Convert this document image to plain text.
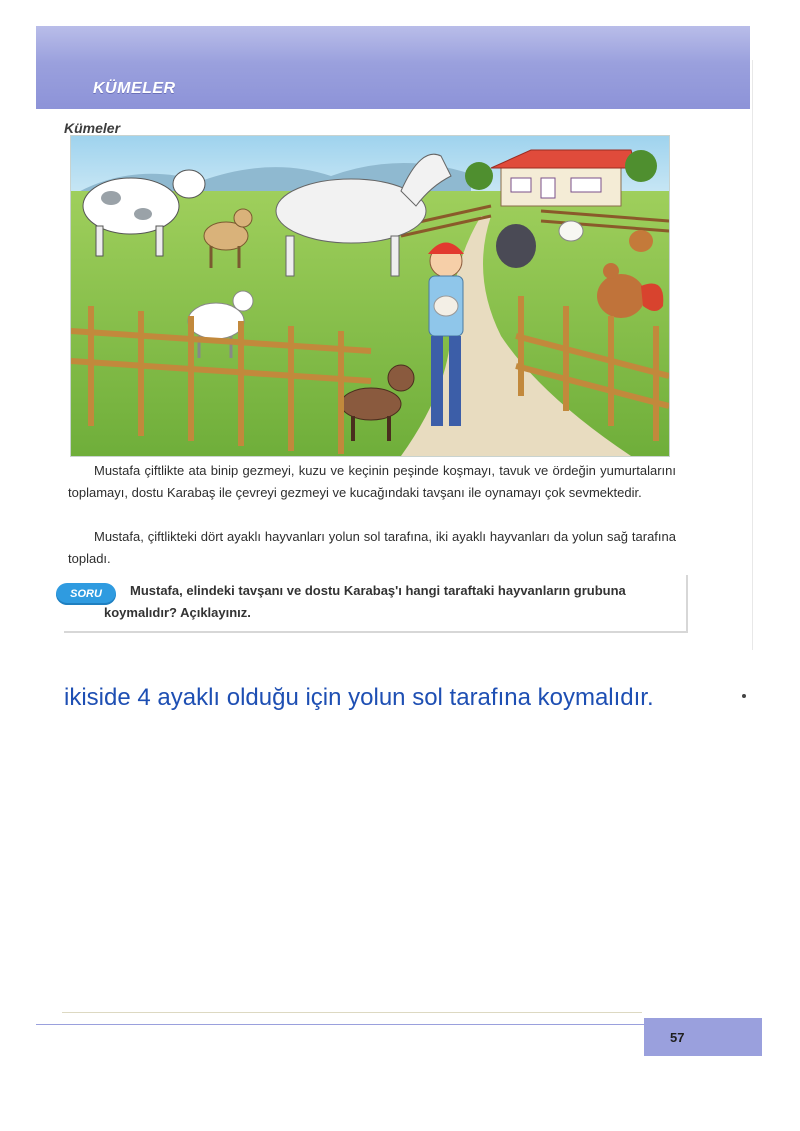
KÜMELER
Kümeler

Mustafa çiftlikte ata binip gezmeyi, kuzu ve keçinin peşinde koşmayı, tavuk ve ördeğin yumurtalarını toplamayı, dostu Karabaş ile çevreyi gezmeyi ve kucağındaki tavşanı ile oynamayı çok sevmektedir.

Mustafa, çiftlikteki dört ayaklı hayvanları yolun sol tarafına, iki ayaklı hayvanları da yolun sağ tarafına topladı.

SORU	Mustafa, elindeki tavşanı ve dostu Karabaş'ı hangi taraftaki hayvanların grubuna koymalıdır? Açıklayınız.

ikiside 4 ayaklı olduğu için yolun sol tarafına koymalıdır.
57
